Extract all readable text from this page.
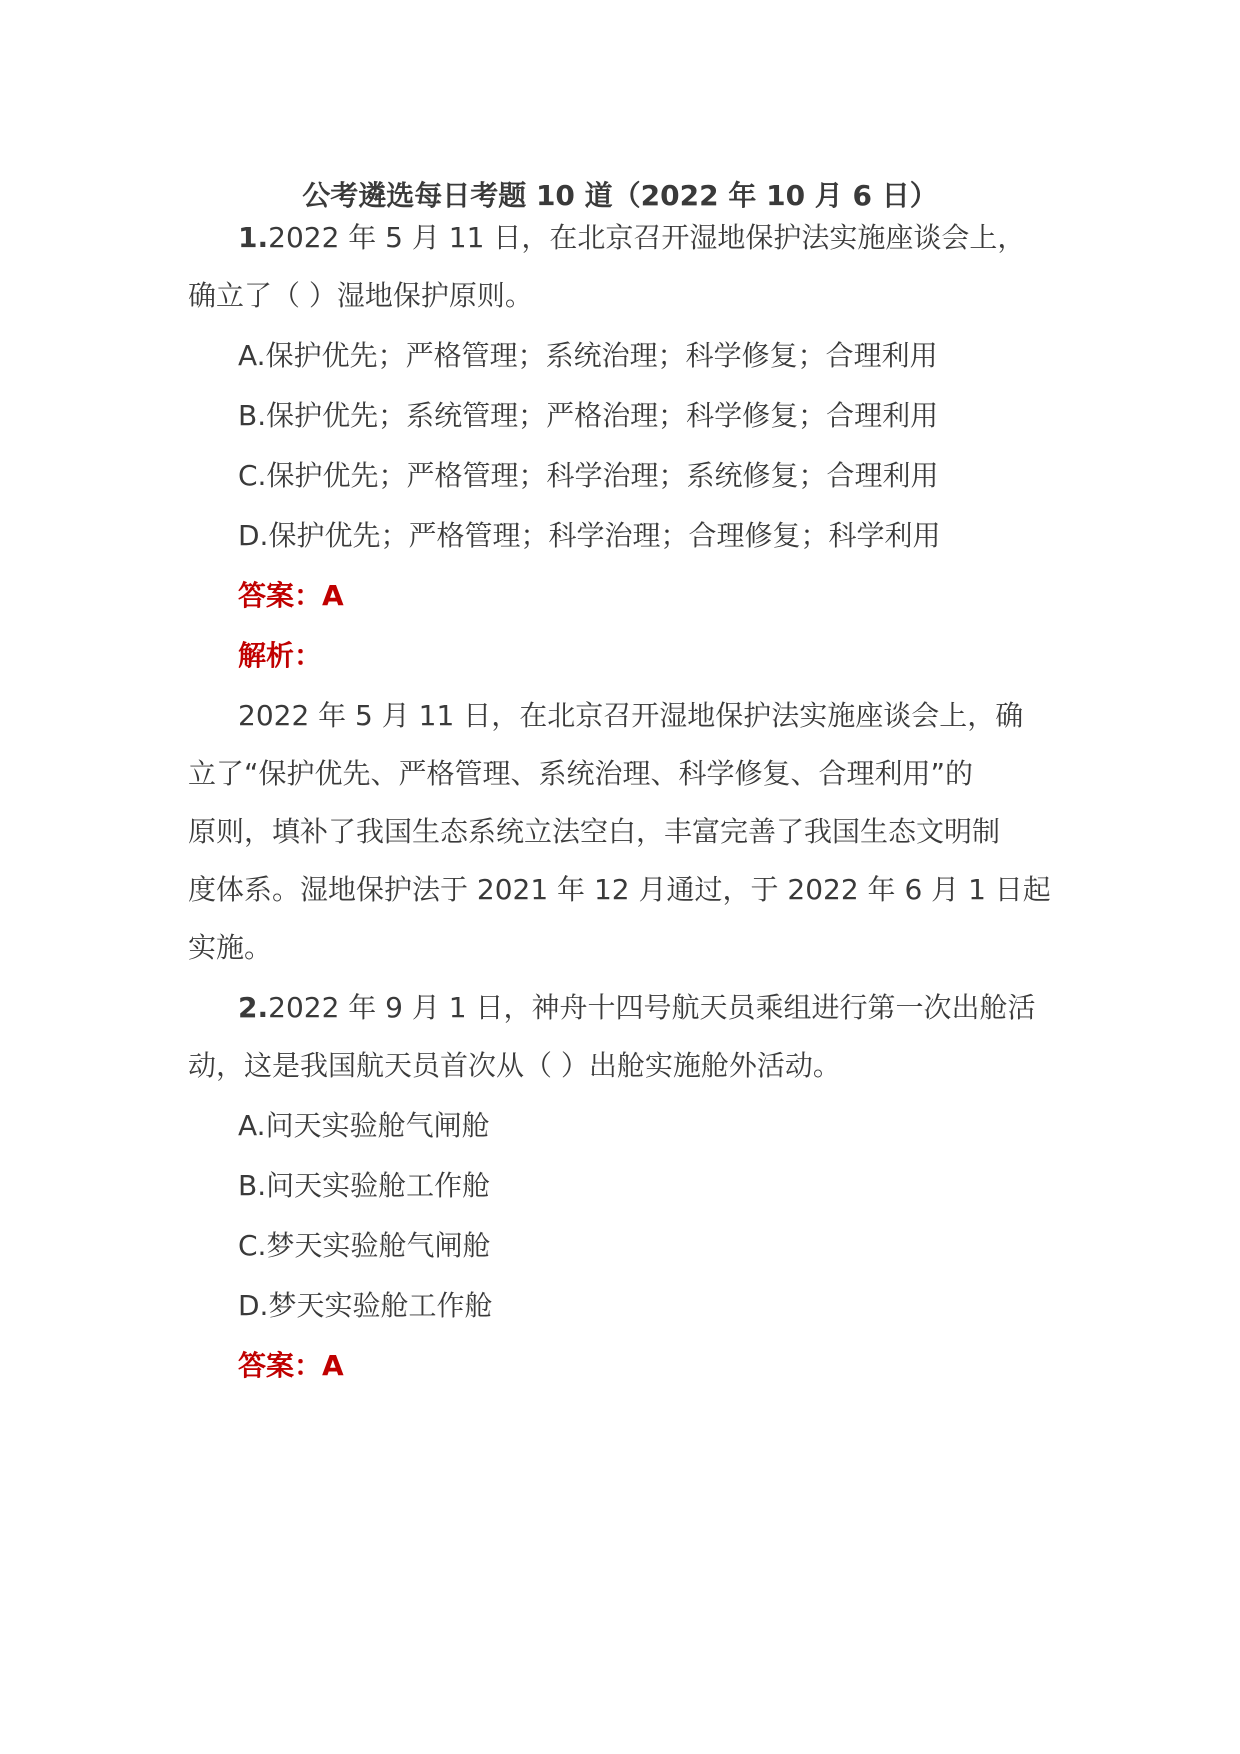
公考遴选每日考题 10 道（2022 年 10 月 6 日）
1.2022 年 5 月 11 日，在北京召开湿地保护法实施座谈会上，
确立了（ ）湿地保护原则。
A.保护优先；严格管理；系统治理；科学修复；合理利用
B.保护优先；系统管理；严格治理；科学修复；合理利用
C.保护优先；严格管理；科学治理；系统修复；合理利用
D.保护优先；严格管理；科学治理；合理修复；科学利用
答案：A
解析：
2022 年 5 月 11 日，在北京召开湿地保护法实施座谈会上，确
立了“保护优先、严格管理、系统治理、科学修复、合理利用”的
原则，填补了我国生态系统立法空白，丰富完善了我国生态文明制
度体系。湿地保护法于 2021 年 12 月通过，于 2022 年 6 月 1 日起
实施。
2.2022 年 9 月 1 日，神舟十四号航天员乘组进行第一次出舱活
动，这是我国航天员首次从（ ）出舱实施舱外活动。
A.问天实验舱气闸舱
B.问天实验舱工作舱
C.梦天实验舱气闸舱
D.梦天实验舱工作舱
答案：A
